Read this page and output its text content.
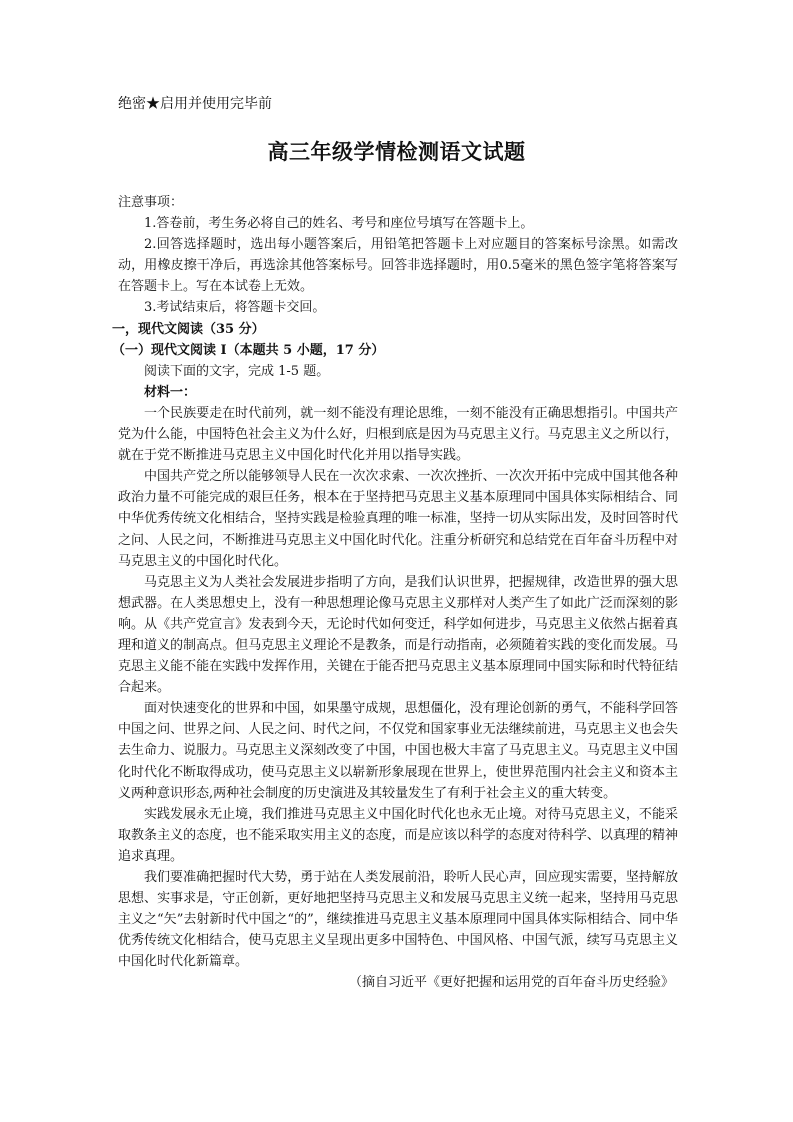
绝密★启用并使用完毕前
高三年级学情检测语文试题

注意事项：

1.答卷前，考生务必将自己的姓名、考号和座位号填写在答题卡上。

2.回答选择题时，选出每小题答案后，用铅笔把答题卡上对应题目的答案标号涂黑。如需改动，用橡皮擦干净后，再选涂其他答案标号。回答非选择题时，用0.5毫米的黑色签字笔将答案写在答题卡上。写在本试卷上无效。

3.考试结束后，将答题卡交回。

一，现代文阅读（35 分）

（一）现代文阅读 I（本题共 5 小题，17 分）

阅读下面的文字，完成 1-5 题。

材料一：

一个民族要走在时代前列，就一刻不能没有理论思维，一刻不能没有正确思想指引。中国共产党为什么能，中国特色社会主义为什么好，归根到底是因为马克思主义行。马克思主义之所以行，就在于党不断推进马克思主义中国化时代化并用以指导实践。

中国共产党之所以能够领导人民在一次次求索、一次次挫折、一次次开拓中完成中国其他各种政治力量不可能完成的艰巨任务，根本在于坚持把马克思主义基本原理同中国具体实际相结合、同中华优秀传统文化相结合，坚持实践是检验真理的唯一标准，坚持一切从实际出发，及时回答时代之问、人民之问，不断推进马克思主义中国化时代化。注重分析研究和总结党在百年奋斗历程中对马克思主义的中国化时代化。

马克思主义为人类社会发展进步指明了方向，是我们认识世界，把握规律，改造世界的强大思想武器。在人类思想史上，没有一种思想理论像马克思主义那样对人类产生了如此广泛而深刻的影响。从《共产党宣言》发表到今天，无论时代如何变迁，科学如何进步，马克思主义依然占据着真理和道义的制高点。但马克思主义理论不是教条，而是行动指南，必须随着实践的变化而发展。马克思主义能不能在实践中发挥作用，关键在于能否把马克思主义基本原理同中国实际和时代特征结合起来。

面对快速变化的世界和中国，如果墨守成规，思想僵化，没有理论创新的勇气，不能科学回答中国之问、世界之问、人民之问、时代之问，不仅党和国家事业无法继续前进，马克思主义也会失去生命力、说服力。马克思主义深刻改变了中国，中国也极大丰富了马克思主义。马克思主义中国化时代化不断取得成功，使马克思主义以崭新形象展现在世界上，使世界范围内社会主义和资本主义两种意识形态,两种社会制度的历史演进及其较量发生了有利于社会主义的重大转变。

实践发展永无止境，我们推进马克思主义中国化时代化也永无止境。对待马克思主义，不能采取教条主义的态度，也不能采取实用主义的态度，而是应该以科学的态度对待科学、以真理的精神追求真理。

我们要准确把握时代大势，勇于站在人类发展前沿，聆听人民心声，回应现实需要，坚持解放思想、实事求是，守正创新，更好地把坚持马克思主义和发展马克思主义统一起来，坚持用马克思主义之“矢”去射新时代中国之“的”，继续推进马克思主义基本原理同中国具体实际相结合、同中华优秀传统文化相结合，使马克思主义呈现出更多中国特色、中国风格、中国气派，续写马克思主义中国化时代化新篇章。

（摘自习近平《更好把握和运用党的百年奋斗历史经验》
